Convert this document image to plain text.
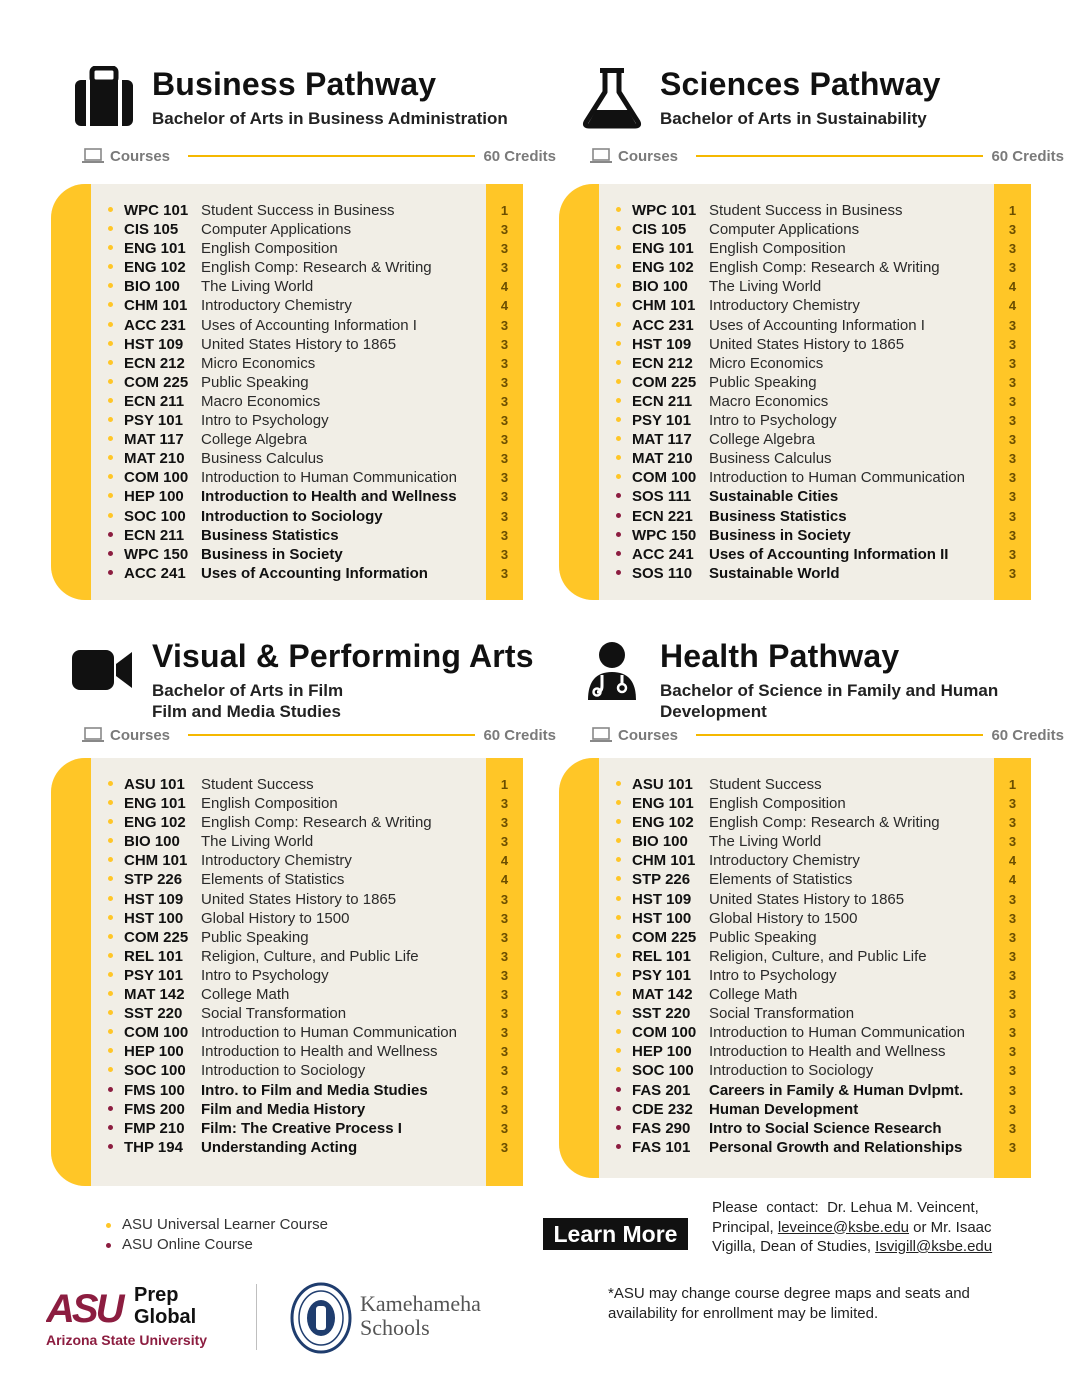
Business Pathway
Bachelor of Arts in Business Administration
Courses	60 Credits
WPC 101 Student Success in Business	1
CIS 105 Computer Applications	3
ENG 101 English Composition	3
ENG 102 English Comp: Research & Writing	3
BIO 100 The Living World	4
CHM 101 Introductory Chemistry	4
ACC 231 Uses of Accounting Information I	3
HST 109 United States History to 1865	3
ECN 212 Micro Economics	3
COM 225 Public Speaking	3
ECN 211 Macro Economics	3
PSY 101 Intro to Psychology	3
MAT 117 College Algebra	3
MAT 210 Business Calculus	3
COM 100 Introduction to Human Communication	3
HEP 100 Introduction to Health and Wellness	3
SOC 100 Introduction to Sociology	3
ECN 211 Business Statistics	3
WPC 150 Business in Society	3
ACC 241 Uses of Accounting Information	3
Sciences Pathway
Bachelor of Arts in Sustainability
Courses	60 Credits
WPC 101 Student Success in Business	1
CIS 105 Computer Applications	3
ENG 101 English Composition	3
ENG 102 English Comp: Research & Writing	3
BIO 100 The Living World	4
CHM 101 Introductory Chemistry	4
ACC 231 Uses of Accounting Information I	3
HST 109 United States History to 1865	3
ECN 212 Micro Economics	3
COM 225 Public Speaking	3
ECN 211 Macro Economics	3
PSY 101 Intro to Psychology	3
MAT 117 College Algebra	3
MAT 210 Business Calculus	3
COM 100 Introduction to Human Communication	3
SOS 111 Sustainable Cities	3
ECN 221 Business Statistics	3
WPC 150 Business in Society	3
ACC 241 Uses of Accounting Information II	3
SOS 110 Sustainable World	3
Visual & Performing Arts
Bachelor of Arts in Film
Film and Media Studies
Courses	60 Credits
ASU 101 Student Success	1
ENG 101 English Composition	3
ENG 102 English Comp: Research & Writing	3
BIO 100 The Living World	3
CHM 101 Introductory Chemistry	4
STP 226 Elements of Statistics	4
HST 109 United States History to 1865	3
HST 100 Global History to 1500	3
COM 225 Public Speaking	3
REL 101 Religion, Culture, and Public Life	3
PSY 101 Intro to Psychology	3
MAT 142 College Math	3
SST 220 Social Transformation	3
COM 100 Introduction to Human Communication	3
HEP 100 Introduction to Health and Wellness	3
SOC 100 Introduction to Sociology	3
FMS 100 Intro. to Film and Media Studies	3
FMS 200 Film and Media History	3
FMP 210 Film: The Creative Process I	3
THP 194 Understanding Acting	3
Health Pathway
Bachelor of Science in Family and Human
Development
Courses	60 Credits
ASU 101 Student Success	1
ENG 101 English Composition	3
ENG 102 English Comp: Research & Writing	3
BIO 100 The Living World	3
CHM 101 Introductory Chemistry	4
STP 226 Elements of Statistics	4
HST 109 United States History to 1865	3
HST 100 Global History to 1500	3
COM 225 Public Speaking	3
REL 101 Religion, Culture, and Public Life	3
PSY 101 Intro to Psychology	3
MAT 142 College Math	3
SST 220 Social Transformation	3
COM 100 Introduction to Human Communication	3
HEP 100 Introduction to Health and Wellness	3
SOC 100 Introduction to Sociology	3
FAS 201 Careers in Family & Human Dvlpmt.	3
CDE 232 Human Development	3
FAS 290 Intro to Social Science Research	3
FAS 101 Personal Growth and Relationships	3
ASU Universal Learner Course
ASU Online Course	Learn More
Please  contact:  Dr. Lehua M. Veincent,
Principal, leveince@ksbe.edu or Mr. Isaac
Vigilla, Dean of Studies, Isvigill@ksbe.edu
*ASU may change course degree maps and seats and availability for enrollment may be limited.
ASU Prep
Global
Arizona State University
Kamehameha
Schools
